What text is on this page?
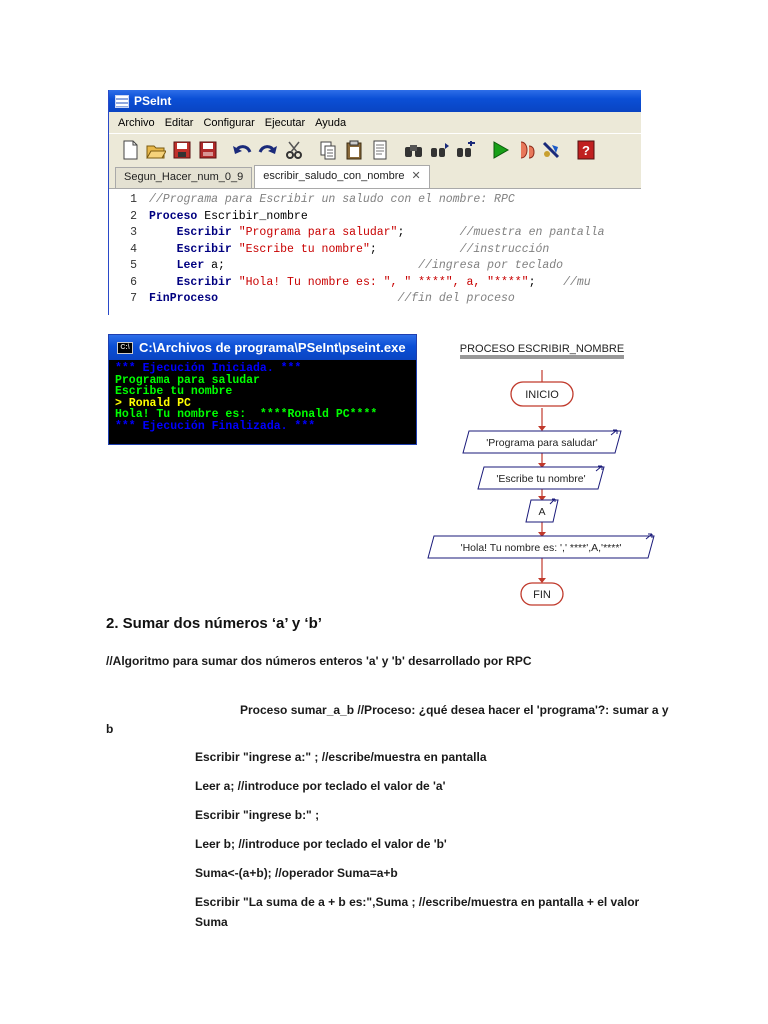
PSeInt
Archivo Editar Configurar Ejecutar Ayuda
?
Segun_Hacer_num_0_9	escribir_saludo_con_nombre ✕
1	//Programa para Escribir un saludo con el nombre: RPC
2	Proceso Escribir_nombre
3
	Escribir "Programa para saludar" ; //muestra en pantalla
4
	Escribir "Escribe tu nombre" ; //instrucción
5
	Leer a; //ingresa por teclado
6
	Escribir "Hola! Tu nombre es: ", " ****", a, "****" ; //mu
7	FinProceso
	//fin del proceso
C:\ C:\Archivos de programa\PSeInt\pseint.exe
*** Ejecución Iniciada. ***
Programa para saludar
Escribe tu nombre
> Ronald PC
Hola! Tu nombre es:  ****Ronald PC****
*** Ejecución Finalizada. ***
PROCESO ESCRIBIR_NOMBRE
INICIO
'Programa para saludar'
'Escribe tu nombre'
A
'Hola! Tu nombre es: ',' ****',A,'****'
FIN
2. Sumar dos números ‘a’ y ‘b’
//Algoritmo para sumar dos números enteros 'a' y 'b' desarrollado por RPC
Proceso sumar_a_b //Proceso: ¿qué desea hacer el 'programa'?: sumar a y
b
Escribir "ingrese a:" ; //escribe/muestra en pantalla
Leer a; //introduce por teclado el valor de 'a'
Escribir "ingrese b:" ;
Leer b; //introduce por teclado el valor de 'b'
Suma<-(a+b); //operador Suma=a+b
Escribir "La suma de a + b es:",Suma ; //escribe/muestra en pantalla + el valor
Suma
